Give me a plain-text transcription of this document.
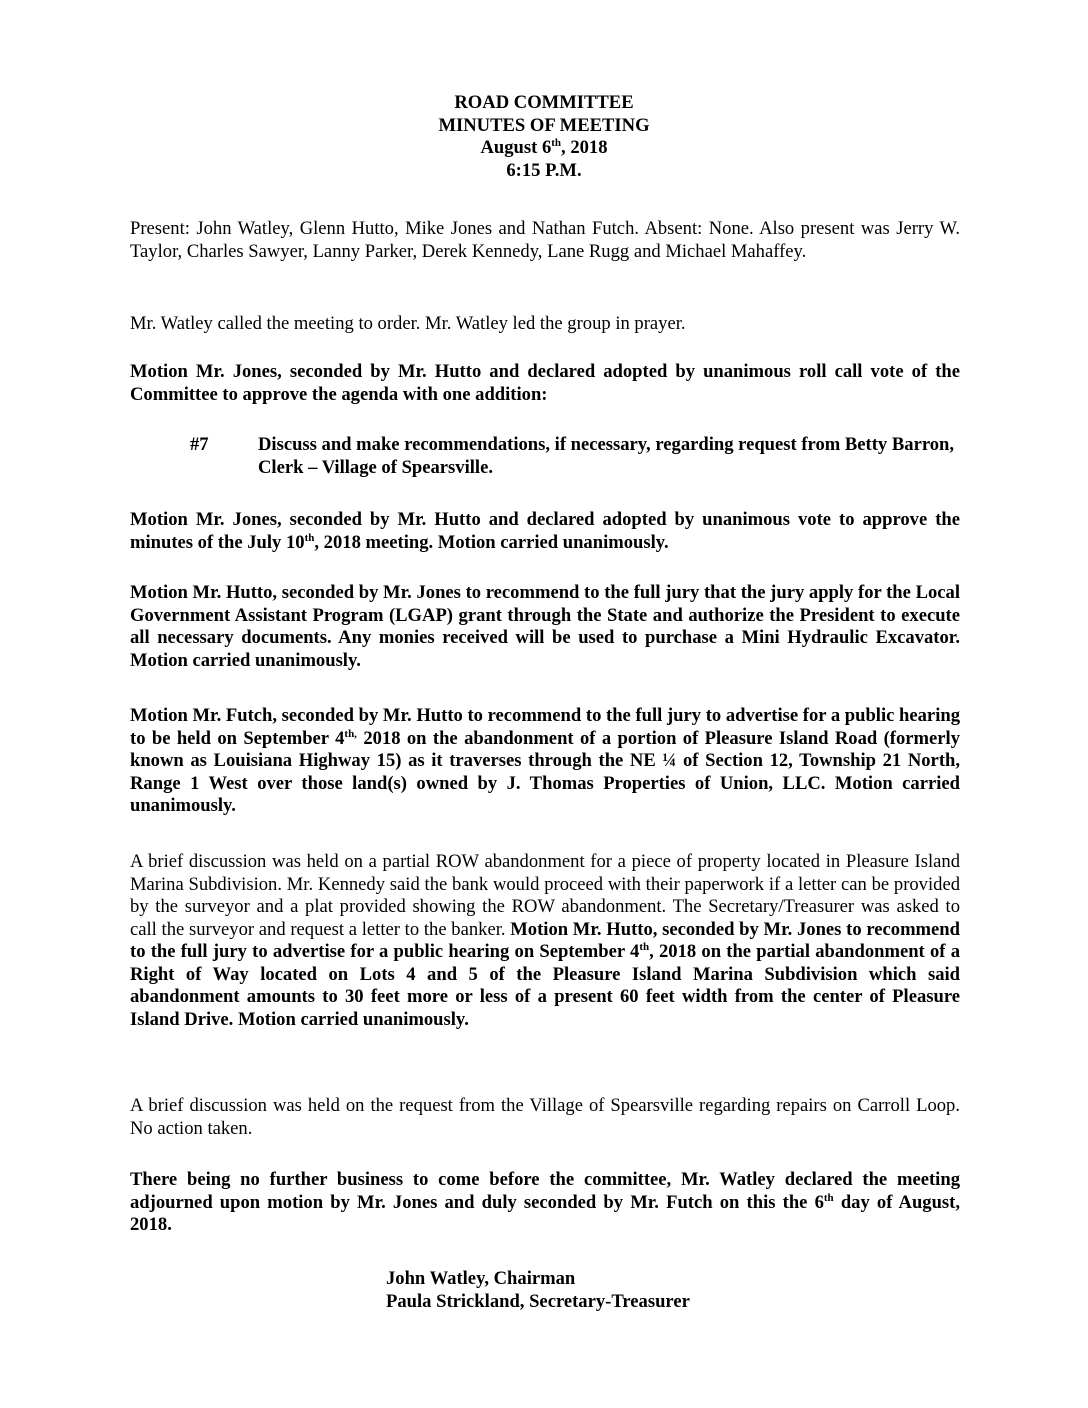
ROAD COMMITTEE
MINUTES OF MEETING
August 6th, 2018
6:15 P.M.
Present: John Watley, Glenn Hutto, Mike Jones and Nathan Futch. Absent: None. Also present was Jerry W. Taylor, Charles Sawyer, Lanny Parker, Derek Kennedy, Lane Rugg and Michael Mahaffey.
Mr. Watley called the meeting to order. Mr. Watley led the group in prayer.
Motion Mr. Jones, seconded by Mr. Hutto and declared adopted by unanimous roll call vote of the Committee to approve the agenda with one addition:
#7	Discuss and make recommendations, if necessary, regarding request from Betty Barron, Clerk – Village of Spearsville.
Motion Mr. Jones, seconded by Mr. Hutto and declared adopted by unanimous vote to approve the minutes of the July 10th, 2018 meeting. Motion carried unanimously.
Motion Mr. Hutto, seconded by Mr. Jones to recommend to the full jury that the jury apply for the Local Government Assistant Program (LGAP) grant through the State and authorize the President to execute all necessary documents. Any monies received will be used to purchase a Mini Hydraulic Excavator. Motion carried unanimously.
Motion Mr. Futch, seconded by Mr. Hutto to recommend to the full jury to advertise for a public hearing to be held on September $4^{th,}$ 2018 on the abandonment of a portion of Pleasure Island Road (formerly known as Louisiana Highway 15) as it traverses through the NE ¼ of Section 12, Township 21 North, Range 1 West over those land(s) owned by J. Thomas Properties of Union, LLC. Motion carried unanimously.
A brief discussion was held on a partial ROW abandonment for a piece of property located in Pleasure Island Marina Subdivision. Mr. Kennedy said the bank would proceed with their paperwork if a letter can be provided by the surveyor and a plat provided showing the ROW abandonment. The Secretary/Treasurer was asked to call the surveyor and request a letter to the banker. Motion Mr. Hutto, seconded by Mr. Jones to recommend to the full jury to advertise for a public hearing on September 4th, 2018 on the partial abandonment of a Right of Way located on Lots 4 and 5 of the Pleasure Island Marina Subdivision which said abandonment amounts to 30 feet more or less of a present 60 feet width from the center of Pleasure Island Drive. Motion carried unanimously.
A brief discussion was held on the request from the Village of Spearsville regarding repairs on Carroll Loop. No action taken.
There being no further business to come before the committee, Mr. Watley declared the meeting adjourned upon motion by Mr. Jones and duly seconded by Mr. Futch on this the 6th day of August, 2018.
John Watley, Chairman
Paula Strickland, Secretary-Treasurer
